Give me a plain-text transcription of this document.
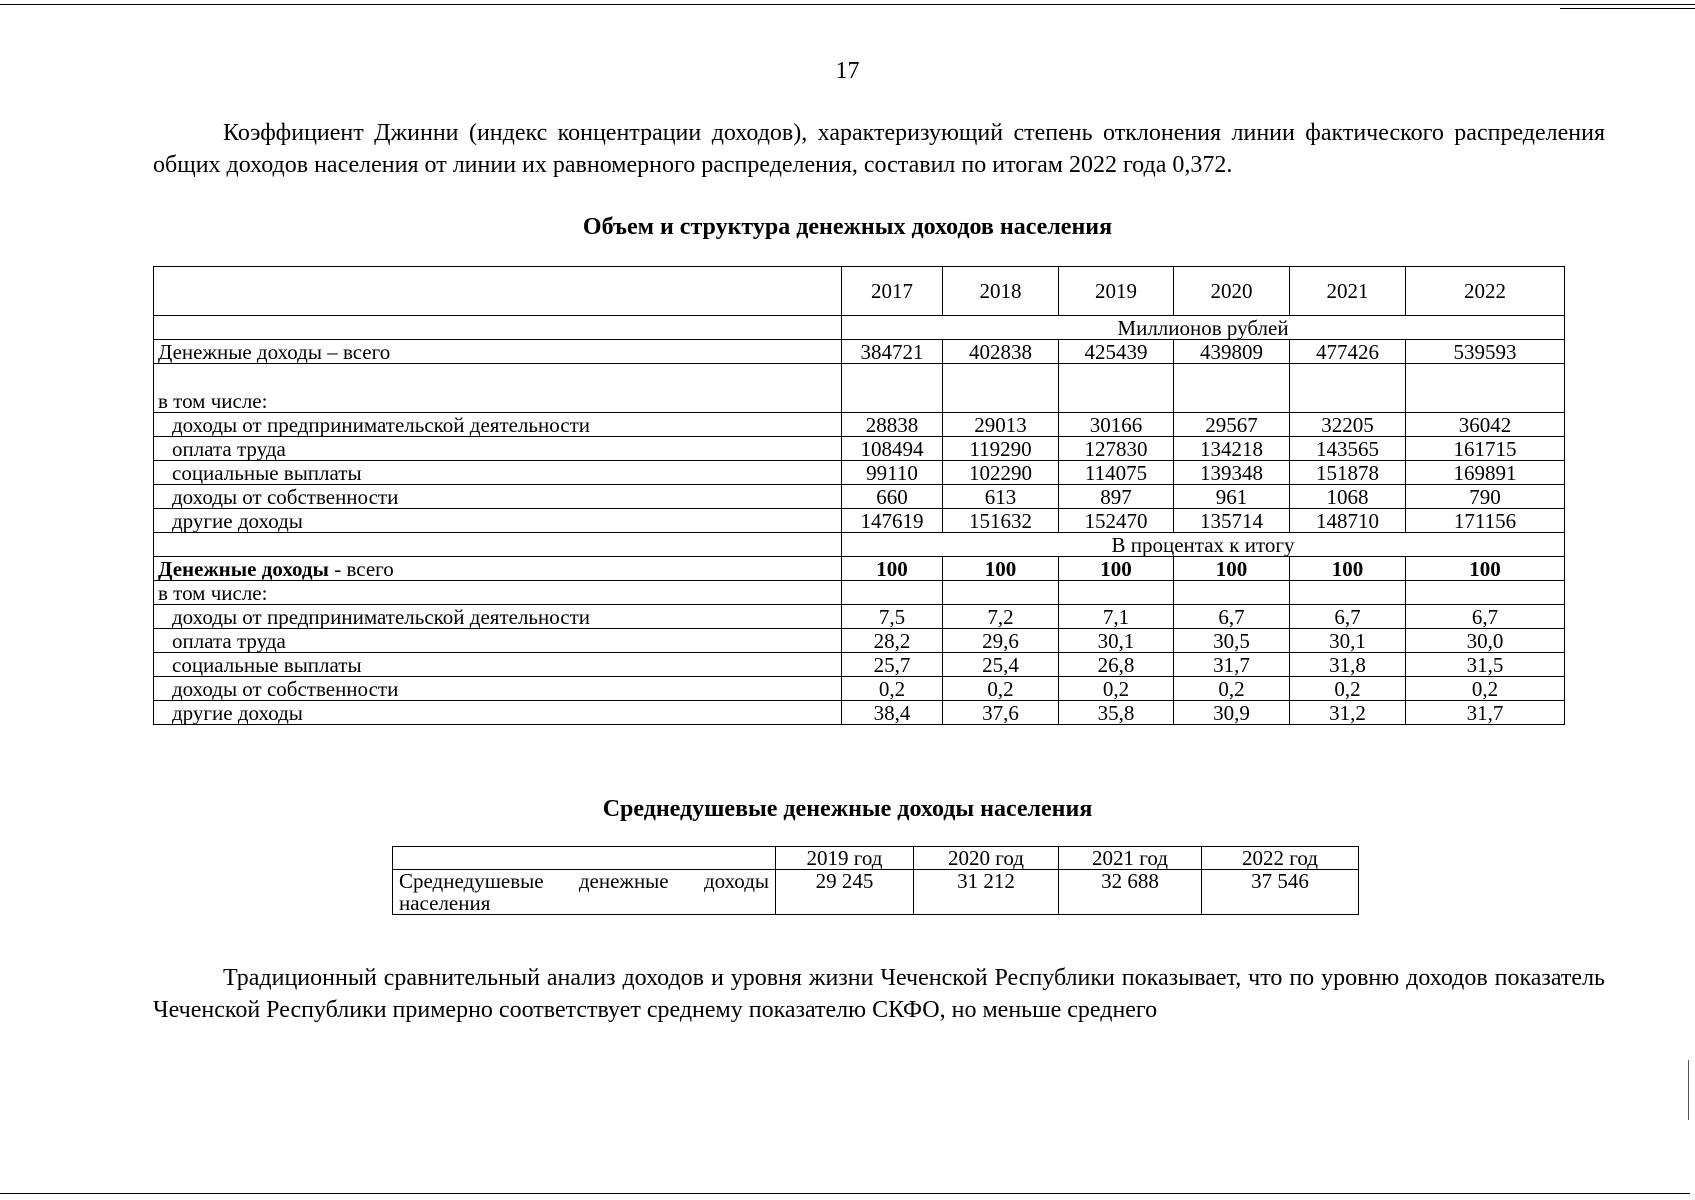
17

Коэффициент Джинни (индекс концентрации доходов), характеризующий степень отклонения линии фактического распределения общих доходов населения от линии их равномерного распределения, составил по итогам 2022 года 0,372.

Объем и структура денежных доходов населения
	2017	2018	2019	2020	2021	2022
	Миллионов рублей					
Денежные доходы – всего	384721	402838	425439	439809	477426	539593
в том числе:						
доходы от предпринимательской деятельности	28838	29013	30166	29567	32205	36042
оплата труда	108494	119290	127830	134218	143565	161715
социальные выплаты	99110	102290	114075	139348	151878	169891
доходы от собственности	660	613	897	961	1068	790
другие доходы	147619	151632	152470	135714	148710	171156
	В процентах к итогу					
Денежные доходы - всего	100	100	100	100	100	100
в том числе:						
доходы от предпринимательской деятельности	7,5	7,2	7,1	6,7	6,7	6,7
оплата труда	28,2	29,6	30,1	30,5	30,1	30,0
социальные выплаты	25,7	25,4	26,8	31,7	31,8	31,5
доходы от собственности	0,2	0,2	0,2	0,2	0,2	0,2
другие доходы	38,4	37,6	35,8	30,9	31,2	31,7
Среднедушевые денежные доходы населения
	2019 год	2020 год	2021 год	2022 год
Среднедушевые денежные доходы населения	29 245	31 212	32 688	37 546

Традиционный сравнительный анализ доходов и уровня жизни Чеченской Республики показывает, что по уровню доходов показатель Чеченской Республики примерно соответствует среднему показателю СКФО, но меньше среднего
